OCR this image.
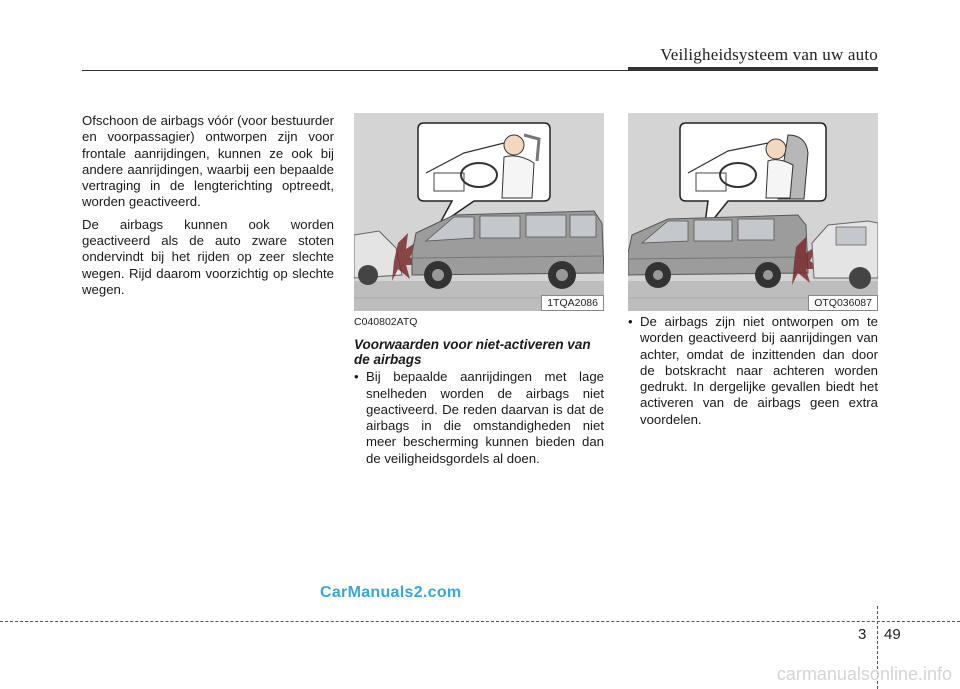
Veiligheidsysteem van uw auto

Ofschoon de airbags vóór (voor bestuurder en voorpassagier) ontworpen zijn voor frontale aanrijdingen, kunnen ze ook bij andere aanrijdingen, waarbij een bepaalde vertraging in de lengterichting optreedt, worden geactiveerd.

De airbags kunnen ook worden geactiveerd als de auto zware stoten ondervindt bij het rijden op zeer slechte wegen. Rijd daarom voorzichtig op slechte wegen.

1TQA2086	OTQ036087
C040802ATQ
Voorwaarden voor niet-activeren van de airbags

• Bij bepaalde aanrijdingen met lage snelheden worden de airbags niet geactiveerd. De reden daarvan is dat de airbags in die omstandigheden niet meer bescherming kunnen bieden dan de veiligheidsgordels al doen.

• De airbags zijn niet ontworpen om te worden geactiveerd bij aanrijdingen van achter, omdat de inzittenden dan door de botskracht naar achteren worden gedrukt. In dergelijke gevallen biedt het activeren van de airbags geen extra voordelen.

CarManuals2.com
3 49
carmanualsonline.info
